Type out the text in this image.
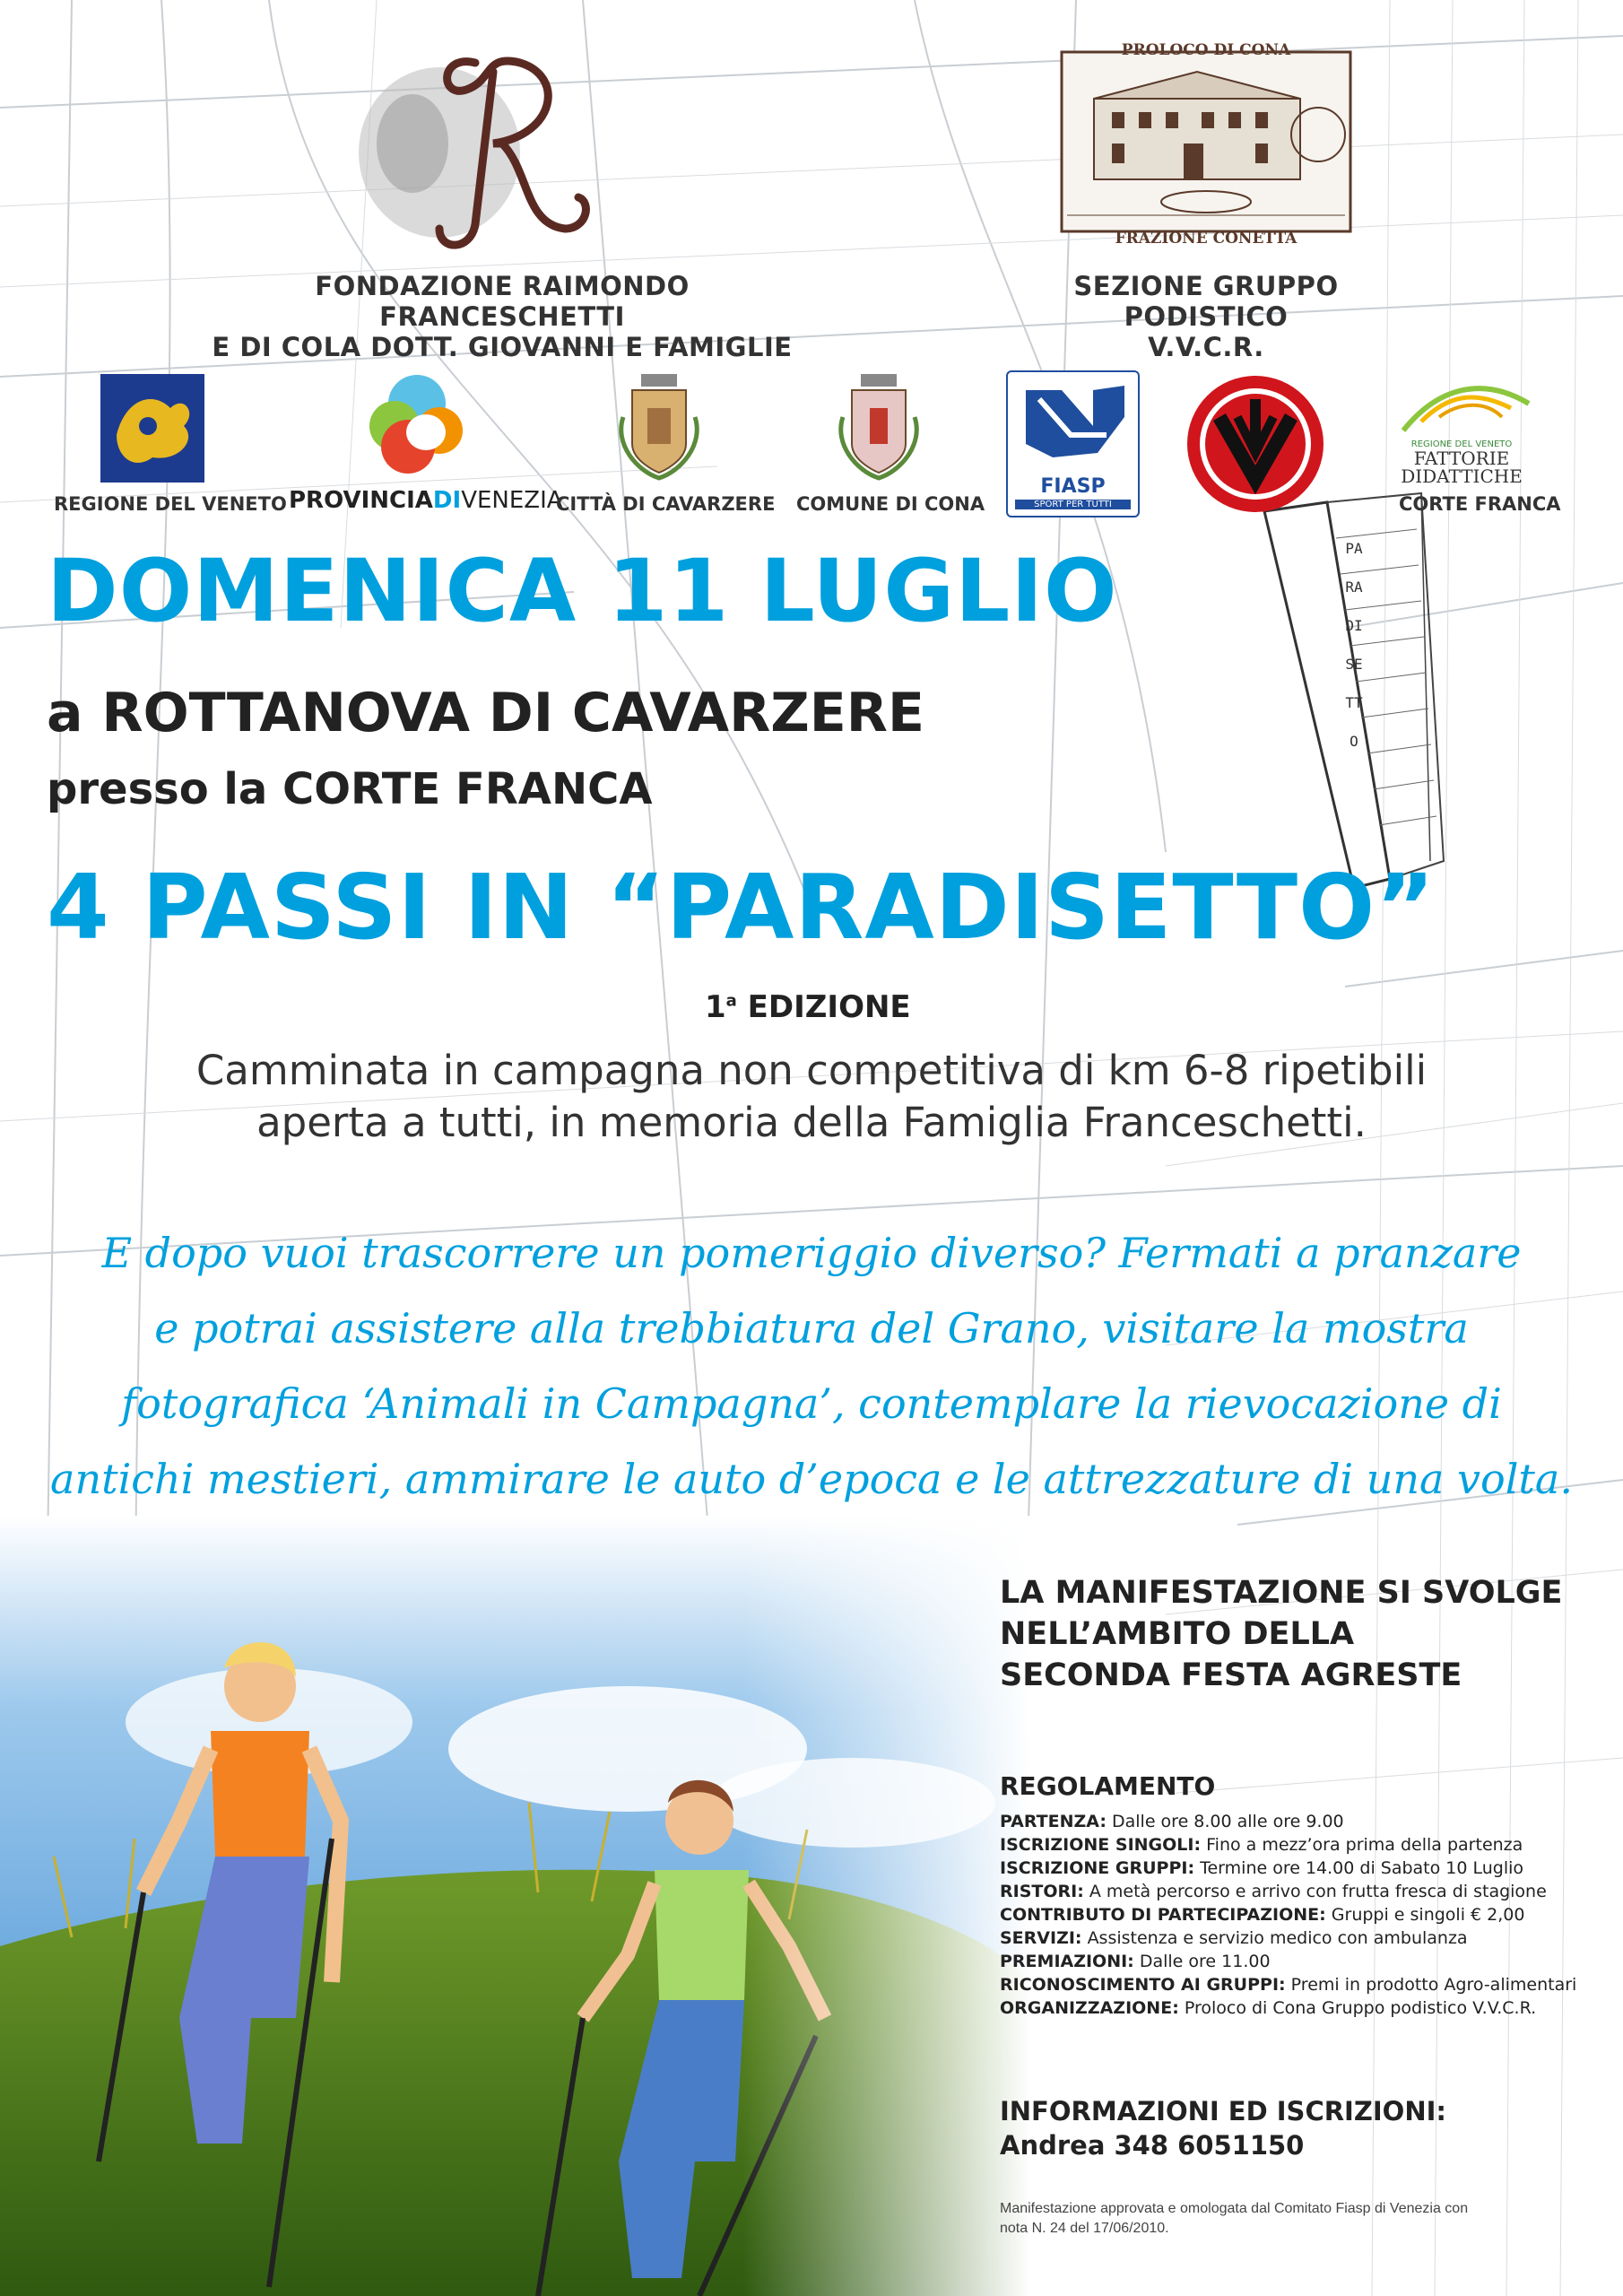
PARADISETTO
FONDAZIONE RAIMONDO FRANCESCHETTI
E DI COLA DOTT. GIOVANNI E FAMIGLIE
PROLOCO DI CONA
FRAZIONE CONETTA
SEZIONE GRUPPO PODISTICO
V.V.C.R.
REGIONE DEL VENETO PROVINCIADIVENEZIA
CITTÀ DI CAVARZERE COMUNE DI CONA
FIASP
SPORT PER TUTTI
REGIONE DEL VENETO
FATTORIE DIDATTICHE
CORTE FRANCA
DOMENICA 11 LUGLIO
a ROTTANOVA DI CAVARZERE
presso la CORTE FRANCA
4 PASSI IN “PARADISETTO”
1$^a$ EDIZIONE
Camminata in campagna non competitiva di km 6-8 ripetibili
aperta a tutti, in memoria della Famiglia Franceschetti.
E dopo vuoi trascorrere un pomeriggio diverso? Fermati a pranzare
e potrai assistere alla trebbiatura del Grano, visitare la mostra
fotografica ‘Animali in Campagna’, contemplare la rievocazione di
antichi mestieri, ammirare le auto d’epoca e le attrezzature di una volta.
LA MANIFESTAZIONE SI SVOLGE
NELL’AMBITO DELLA
SECONDA FESTA AGRESTE
REGOLAMENTO
PARTENZA: Dalle ore 8.00 alle ore 9.00
ISCRIZIONE SINGOLI: Fino a mezz’ora prima della partenza
ISCRIZIONE GRUPPI: Termine ore 14.00 di Sabato 10 Luglio
RISTORI: A metà percorso e arrivo con frutta fresca di stagione
CONTRIBUTO DI PARTECIPAZIONE: Gruppi e singoli € 2,00
SERVIZI: Assistenza e servizio medico con ambulanza
PREMIAZIONI: Dalle ore 11.00
RICONOSCIMENTO AI GRUPPI: Premi in prodotto Agro-alimentari
ORGANIZZAZIONE: Proloco di Cona Gruppo podistico V.V.C.R.
INFORMAZIONI ED ISCRIZIONI:
Andrea 348 6051150
Manifestazione approvata e omologata dal Comitato Fiasp di Venezia con
nota N. 24 del 17/06/2010.
